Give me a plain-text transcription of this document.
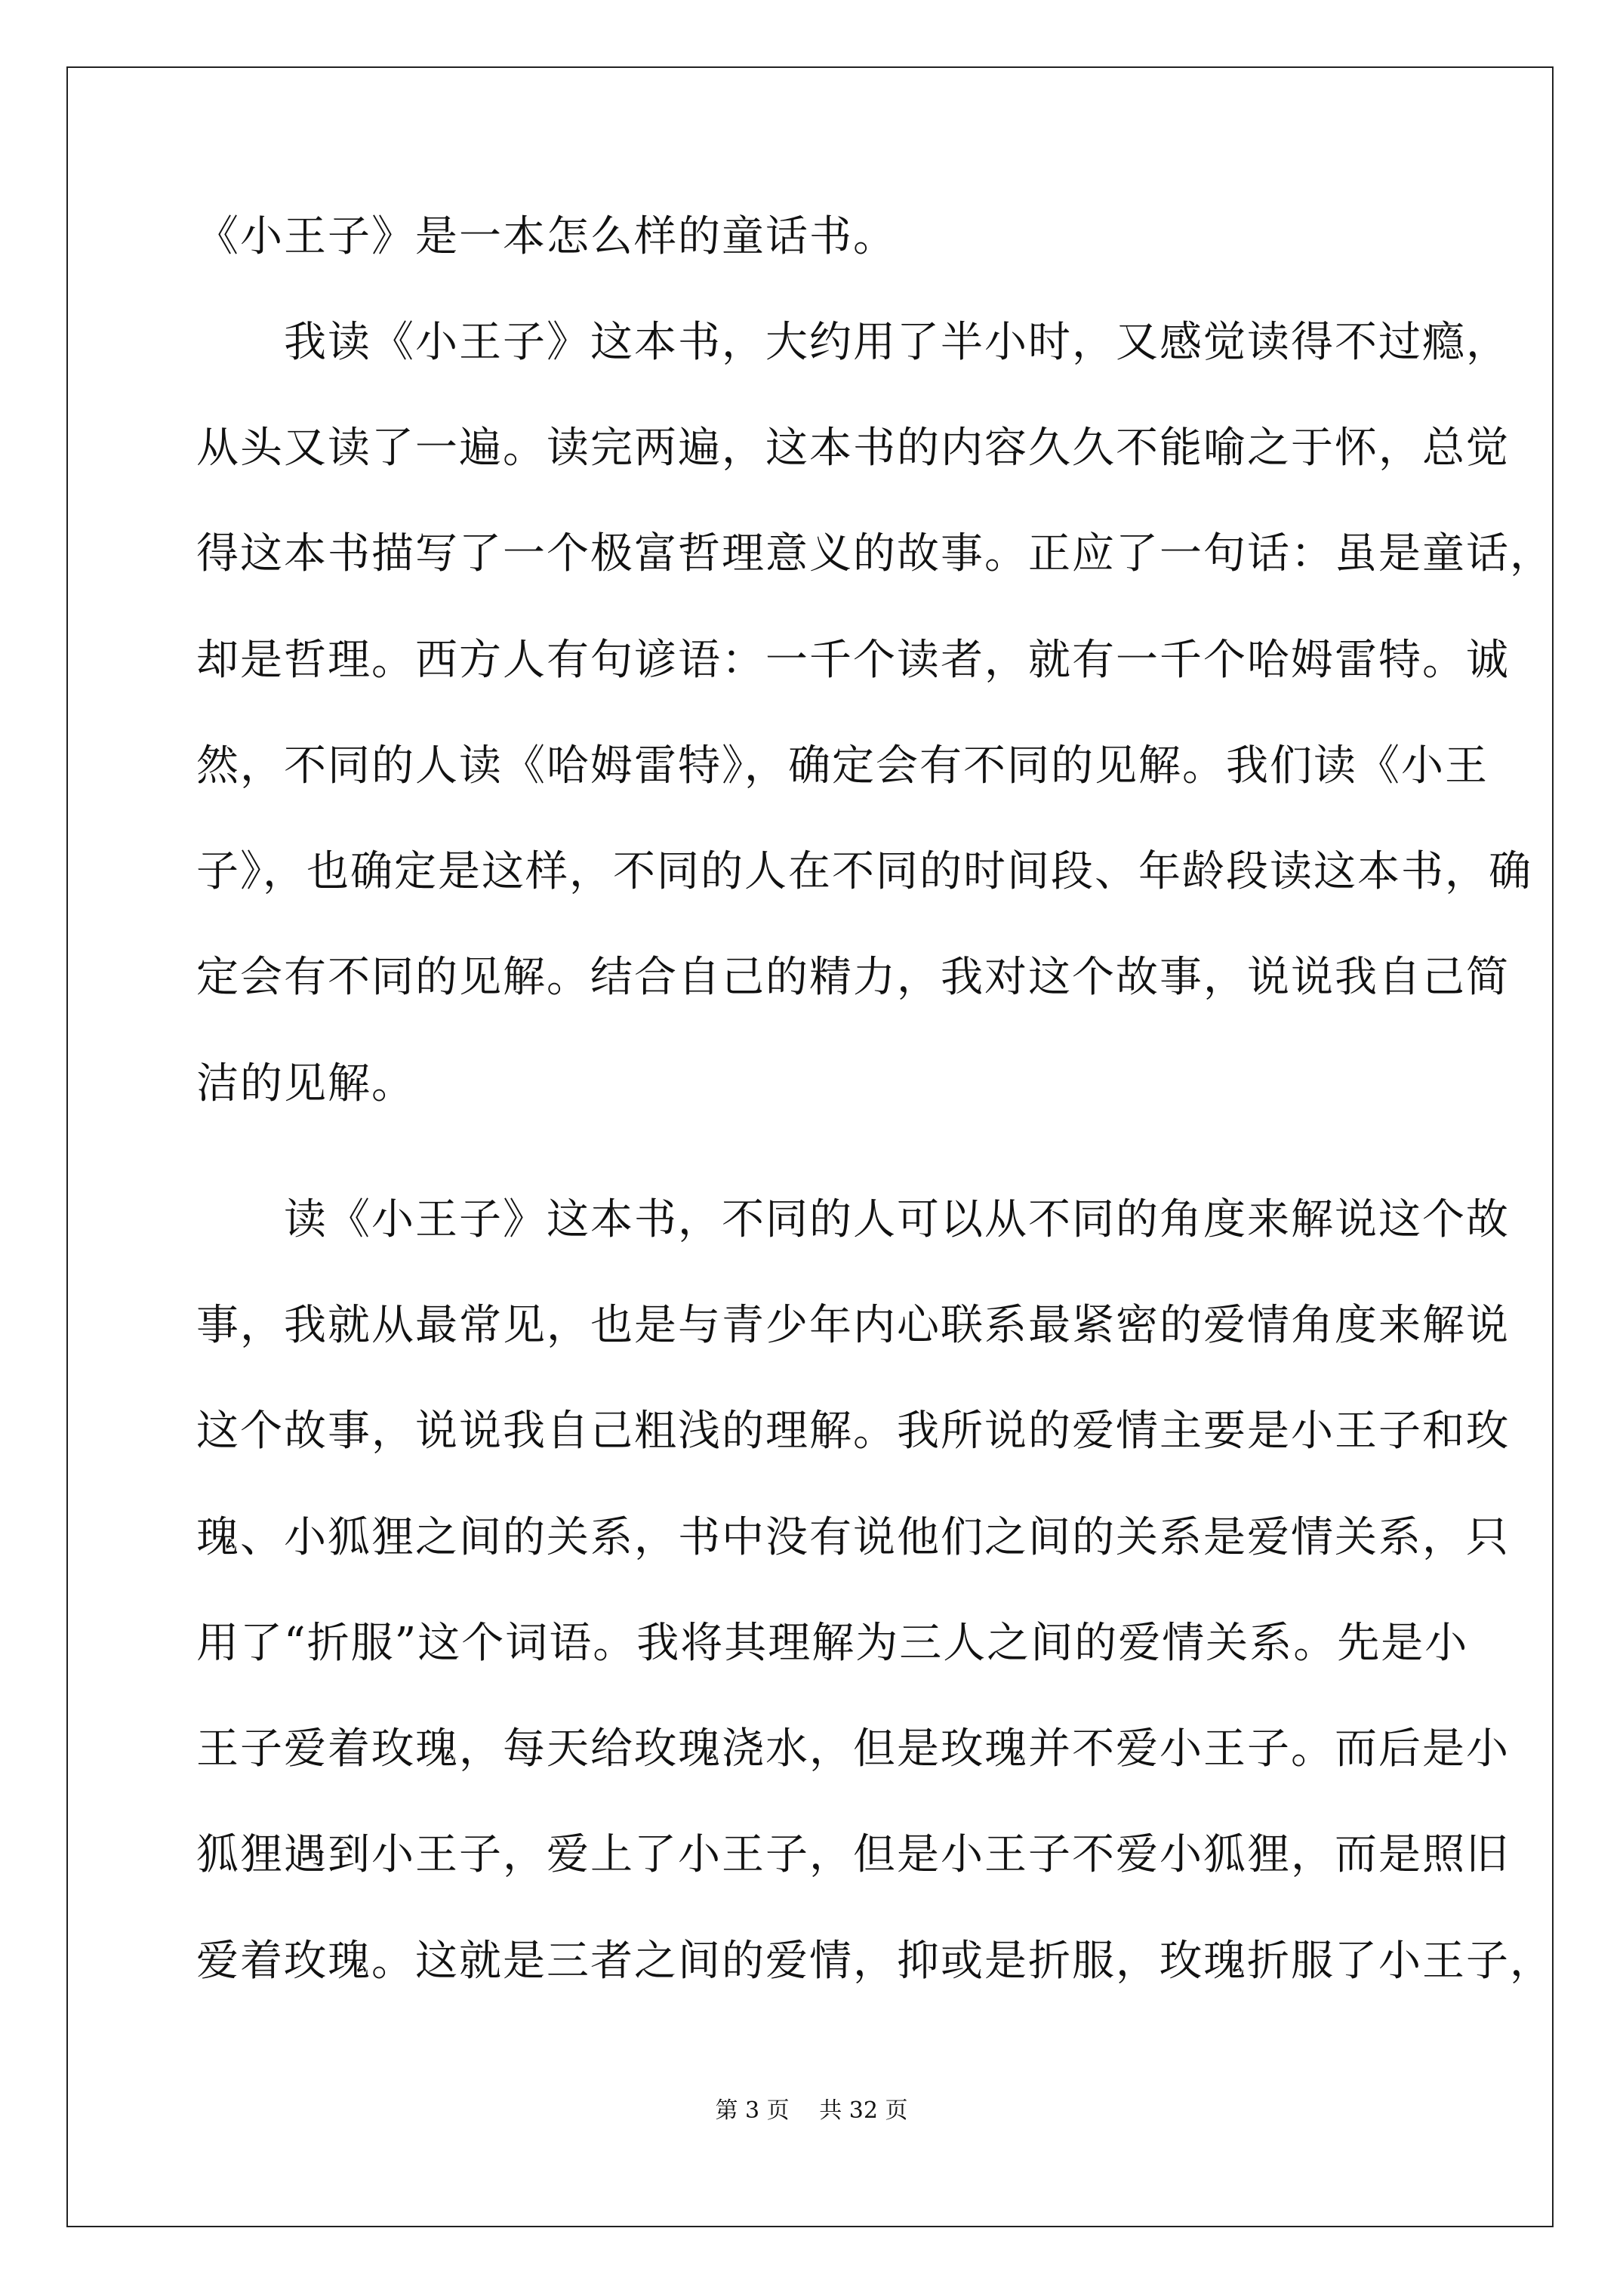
《小王子》是一本怎么样的童话书。
　　我读《小王子》这本书，大约用了半小时，又感觉读得不过瘾，
从头又读了一遍。读完两遍，这本书的内容久久不能喻之于怀，总觉
得这本书描写了一个极富哲理意义的故事。正应了一句话：虽是童话，
却是哲理。西方人有句谚语：一千个读者，就有一千个哈姆雷特。诚
然，不同的人读《哈姆雷特》，确定会有不同的见解。我们读《小王
子》，也确定是这样，不同的人在不同的时间段、年龄段读这本书，确
定会有不同的见解。结合自己的精力，我对这个故事，说说我自己简
洁的见解。
　　读《小王子》这本书，不同的人可以从不同的角度来解说这个故
事，我就从最常见，也是与青少年内心联系最紧密的爱情角度来解说
这个故事，说说我自己粗浅的理解。我所说的爱情主要是小王子和玫
瑰、小狐狸之间的关系，书中没有说他们之间的关系是爱情关系，只
用了“折服”这个词语。我将其理解为三人之间的爱情关系。先是小
王子爱着玫瑰，每天给玫瑰浇水，但是玫瑰并不爱小王子。而后是小
狐狸遇到小王子，爱上了小王子，但是小王子不爱小狐狸，而是照旧
爱着玫瑰。这就是三者之间的爱情，抑或是折服，玫瑰折服了小王子，
第 3 页　 共 32 页
